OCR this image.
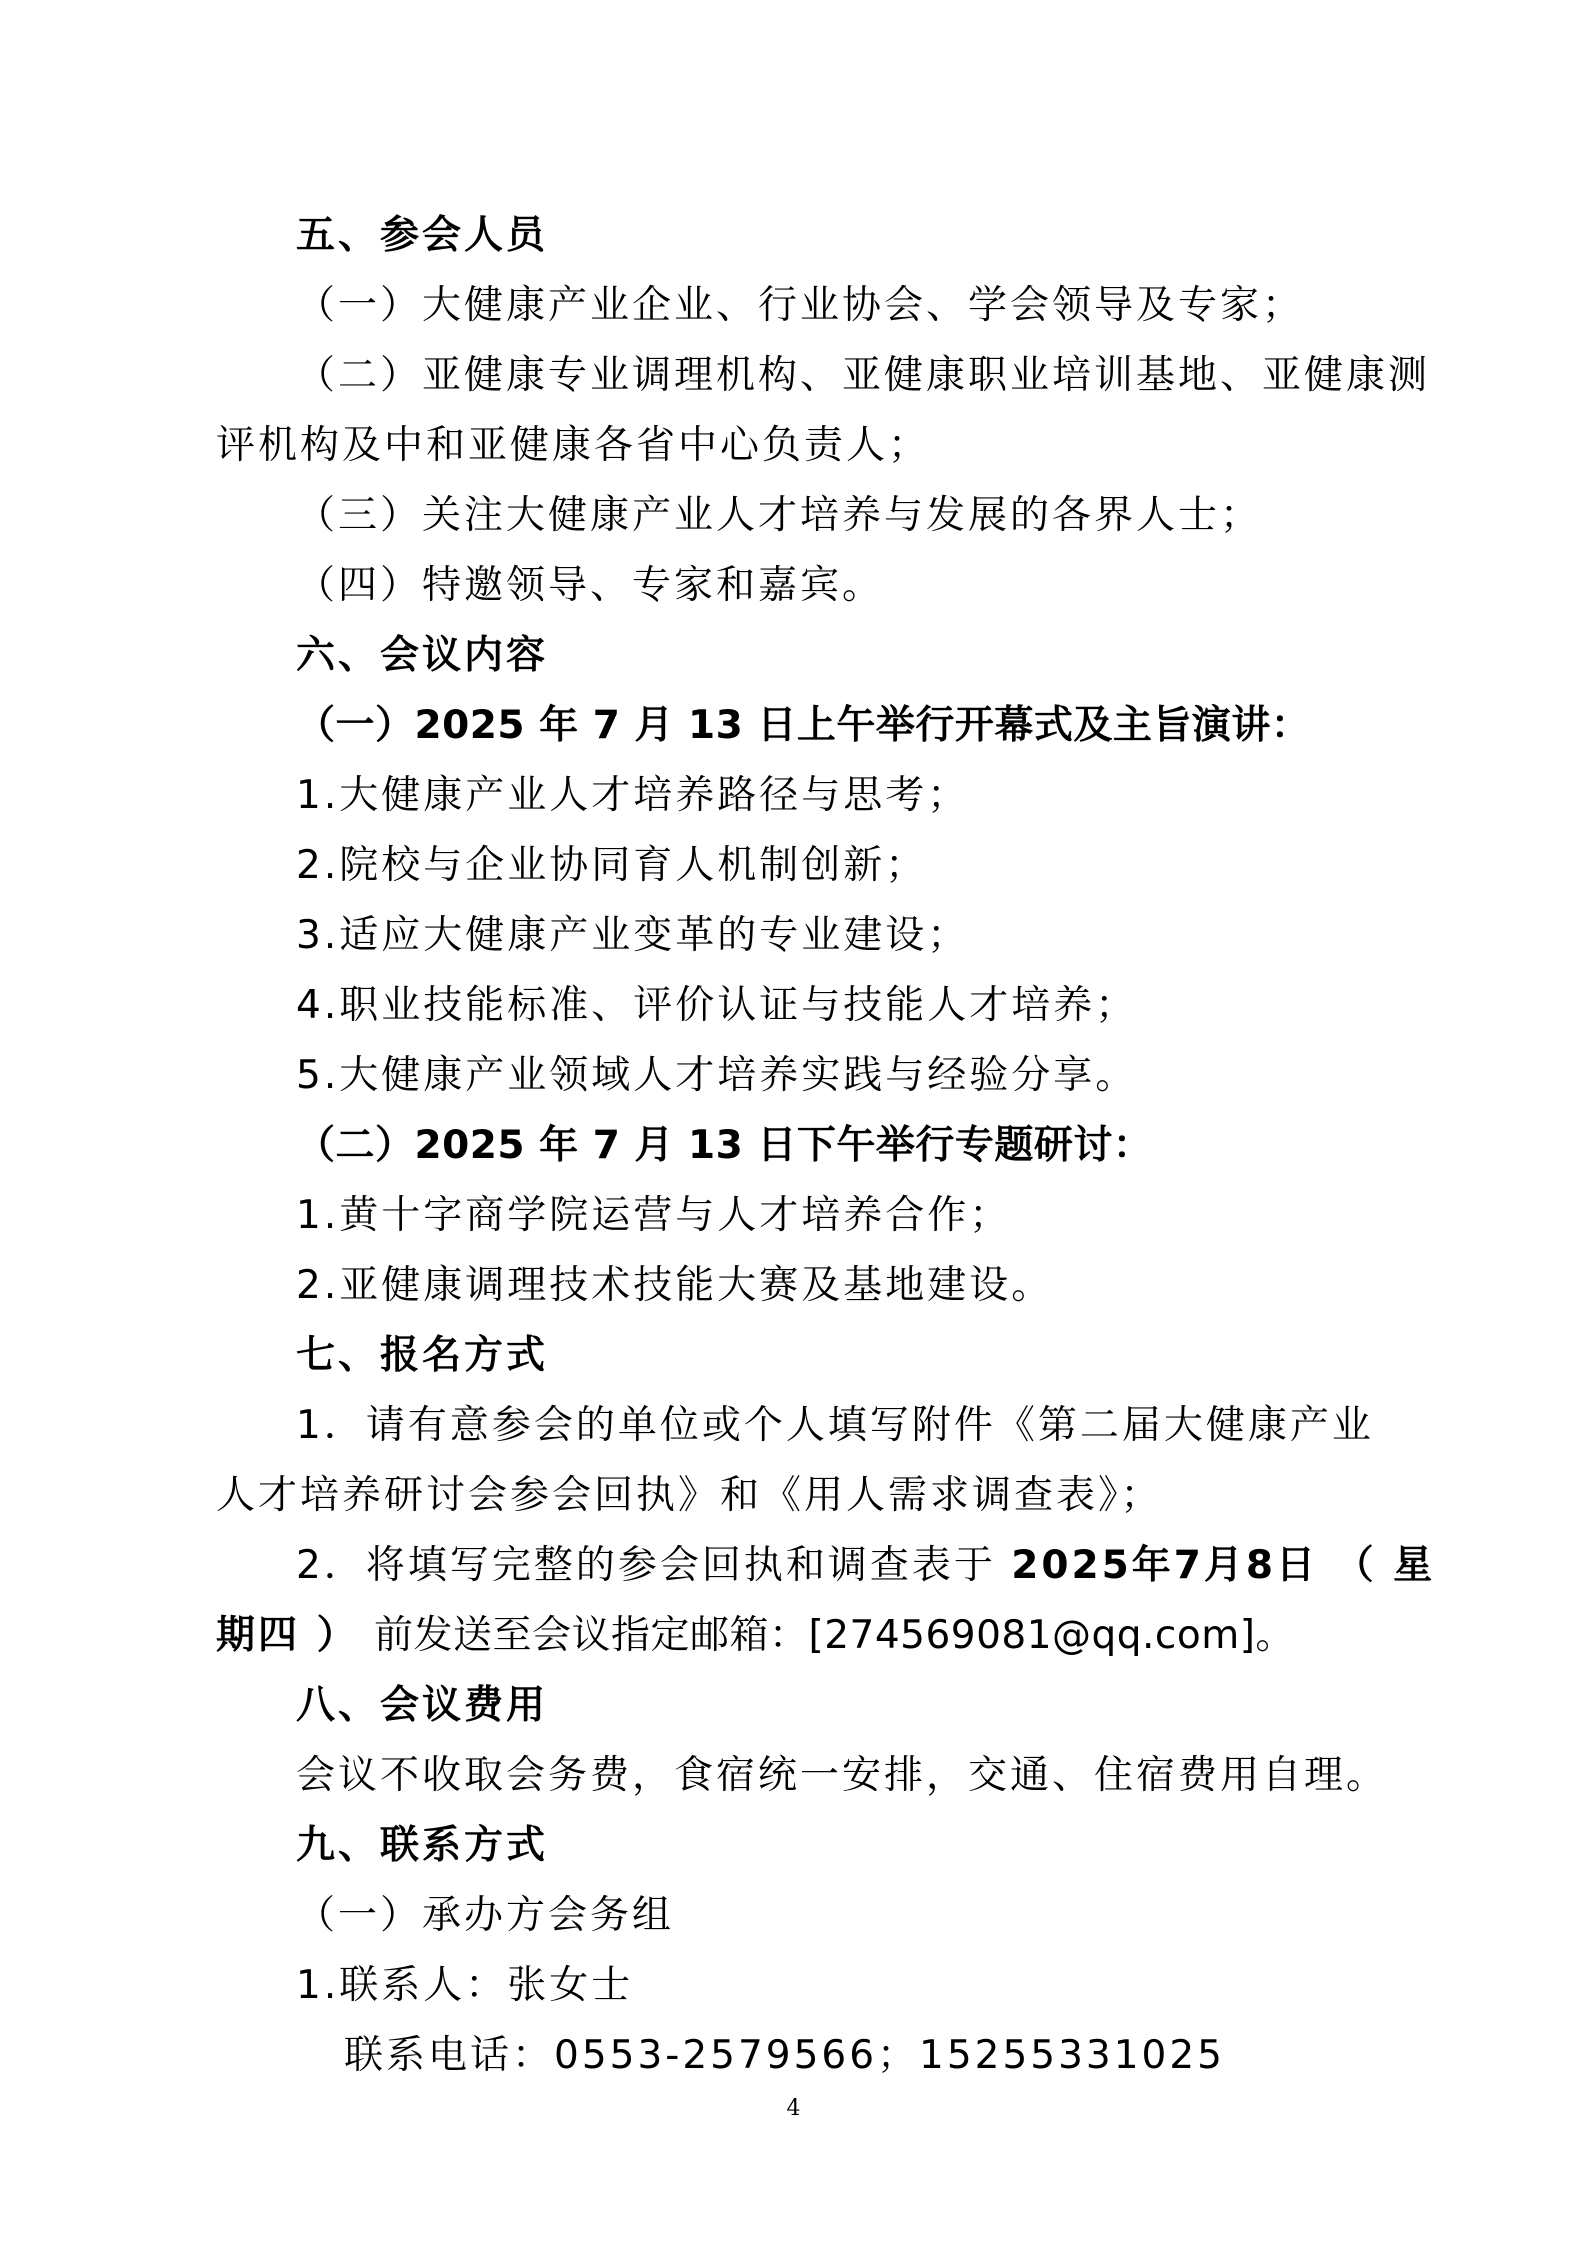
五、参会人员
（一）大健康产业企业、行业协会、学会领导及专家；
（二）亚健康专业调理机构、亚健康职业培训基地、亚健康测
评机构及中和亚健康各省中心负责人；
（三）关注大健康产业人才培养与发展的各界人士；
（四）特邀领导、专家和嘉宾。
六、会议内容
（一）2025 年 7 月 13 日上午举行开幕式及主旨演讲：
1.大健康产业人才培养路径与思考；
2.院校与企业协同育人机制创新；
3.适应大健康产业变革的专业建设；
4.职业技能标准、评价认证与技能人才培养；
5.大健康产业领域人才培养实践与经验分享。
（二）2025 年 7 月 13 日下午举行专题研讨：
1.黄十字商学院运营与人才培养合作；
2.亚健康调理技术技能大赛及基地建设。
七、报名方式
1．请有意参会的单位或个人填写附件《第二届大健康产业
人才培养研讨会参会回执》和《用人需求调查表》；
2．将填写完整的参会回执和调查表于 2025年7月8日 （ 星
期四 ） 前发送至会议指定邮箱：[274569081@qq.com]。
八、会议费用
会议不收取会务费，食宿统一安排，交通、住宿费用自理。
九、联系方式
（一）承办方会务组
1.联系人：张女士
联系电话：0553-2579566；15255331025
4
